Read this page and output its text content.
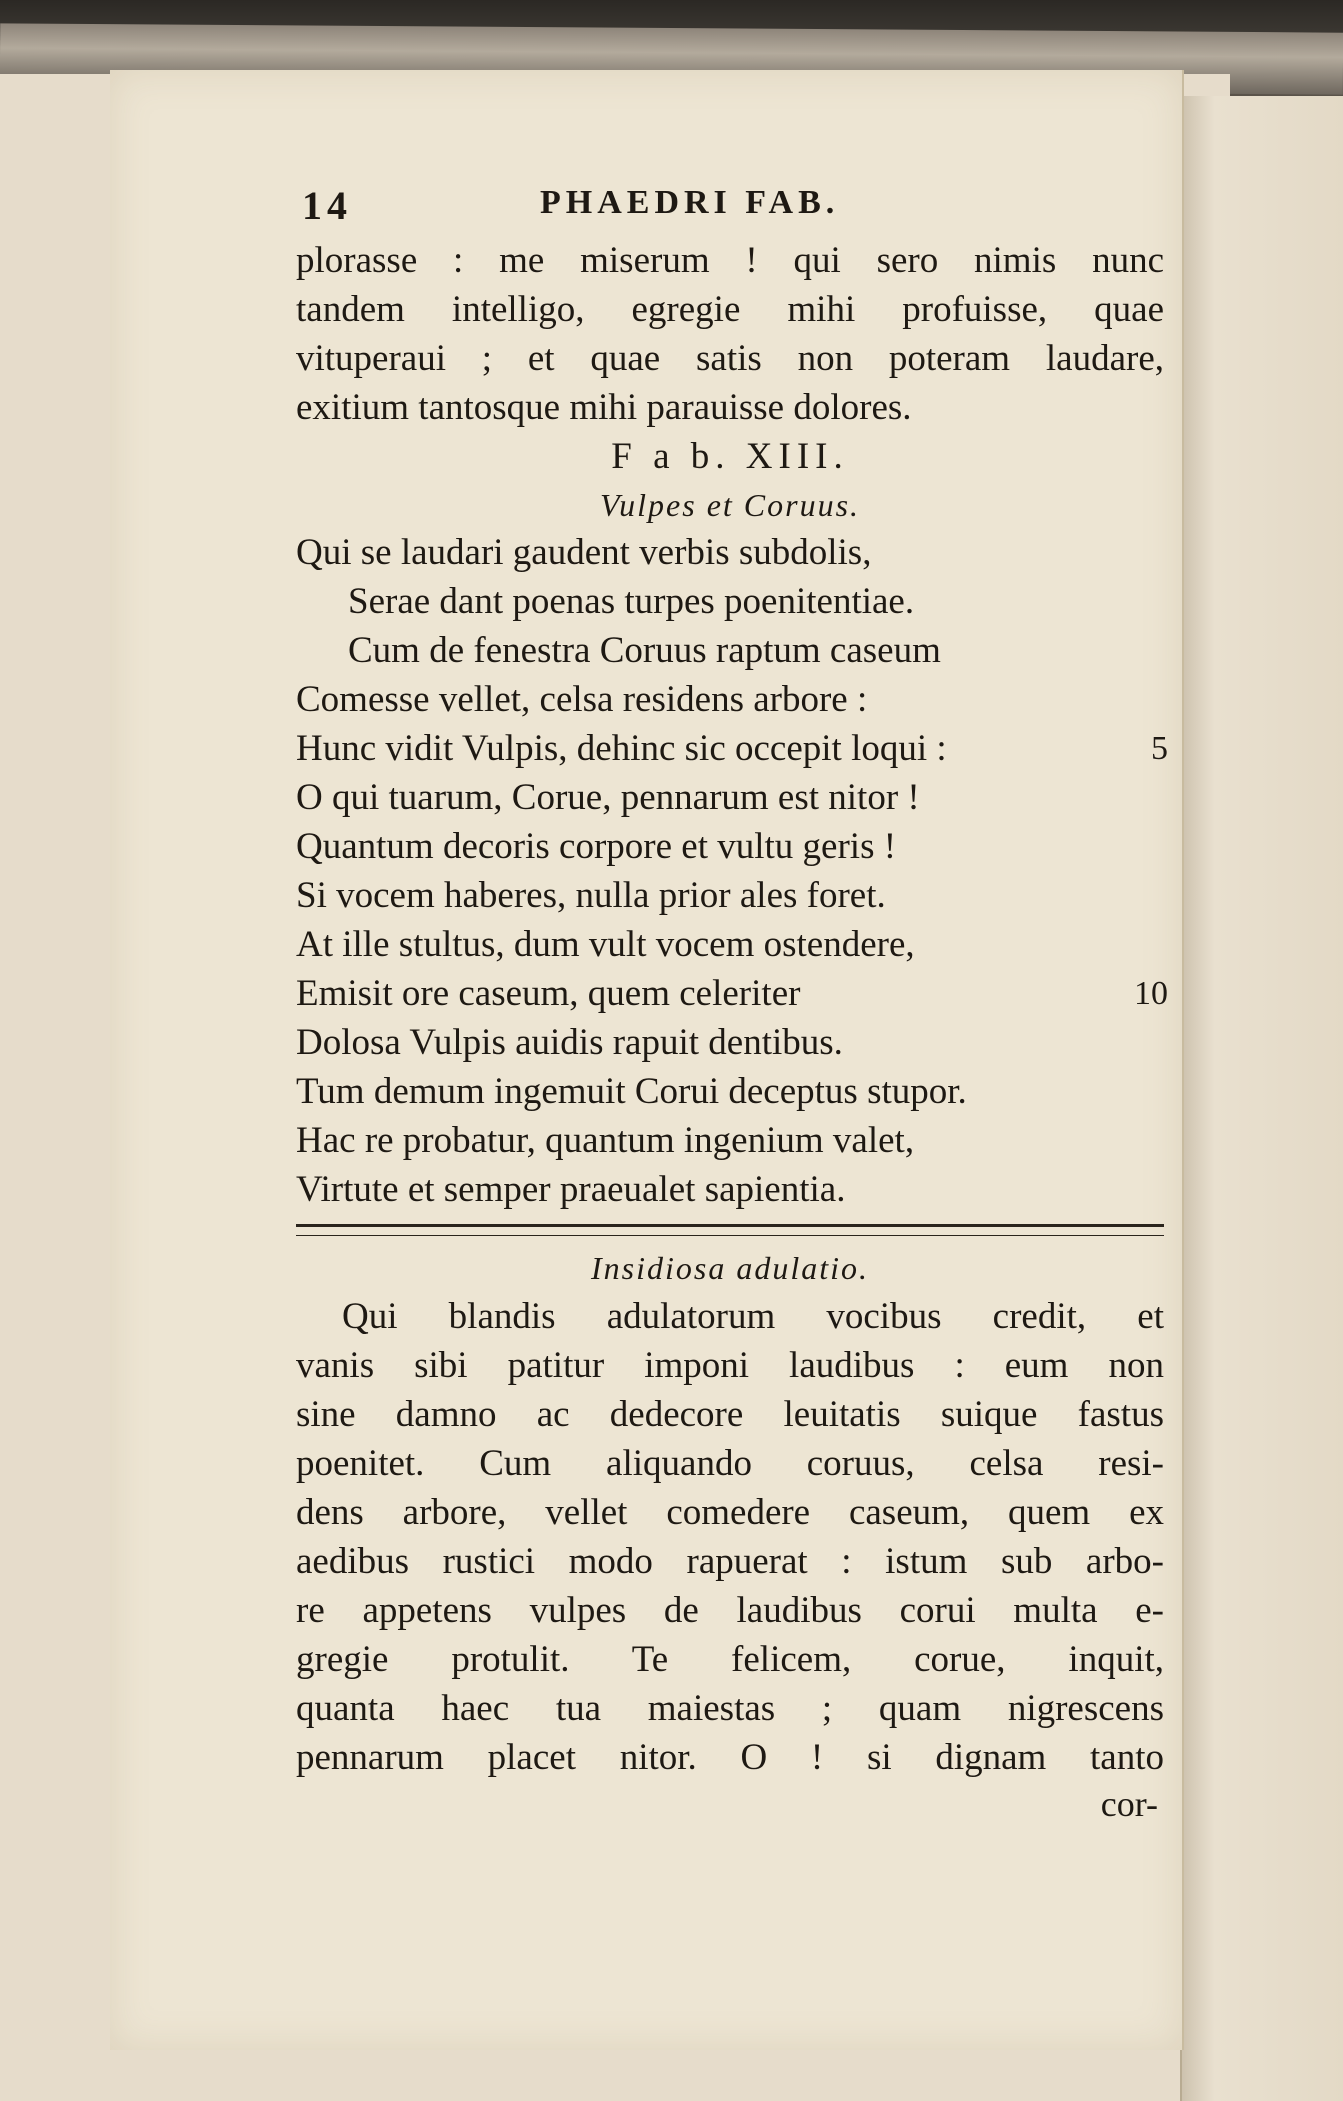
14	PHAEDRI FAB.
plorasse : me miserum ! qui sero nimis nunc
tandem intelligo, egregie mihi profuisse, quae
vituperaui ; et quae satis non poteram laudare,
exitium tantosque mihi parauisse dolores.
F a b. XIII.
Vulpes et Coruus.
Qui se laudari gaudent verbis subdolis,
Serae dant poenas turpes poenitentiae.
Cum de fenestra Coruus raptum caseum
Comesse vellet, celsa residens arbore :
Hunc vidit Vulpis, dehinc sic occepit loqui :	5
O qui tuarum, Corue, pennarum est nitor !
Quantum decoris corpore et vultu geris !
Si vocem haberes, nulla prior ales foret.
At ille stultus, dum vult vocem ostendere,
Emisit ore caseum, quem celeriter	10
Dolosa Vulpis auidis rapuit dentibus.
Tum demum ingemuit Corui deceptus stupor.
Hac re probatur, quantum ingenium valet,
Virtute et semper praeualet sapientia.
Insidiosa adulatio.
Qui blandis adulatorum vocibus credit, et
vanis sibi patitur imponi laudibus : eum non
sine damno ac dedecore leuitatis suique fastus
poenitet. Cum aliquando coruus, celsa resi-
dens arbore, vellet comedere caseum, quem ex
aedibus rustici modo rapuerat : istum sub arbo-
re appetens vulpes de laudibus corui multa e-
gregie protulit. Te felicem, corue, inquit,
quanta haec tua maiestas ; quam nigrescens
pennarum placet nitor. O ! si dignam tanto
cor-
